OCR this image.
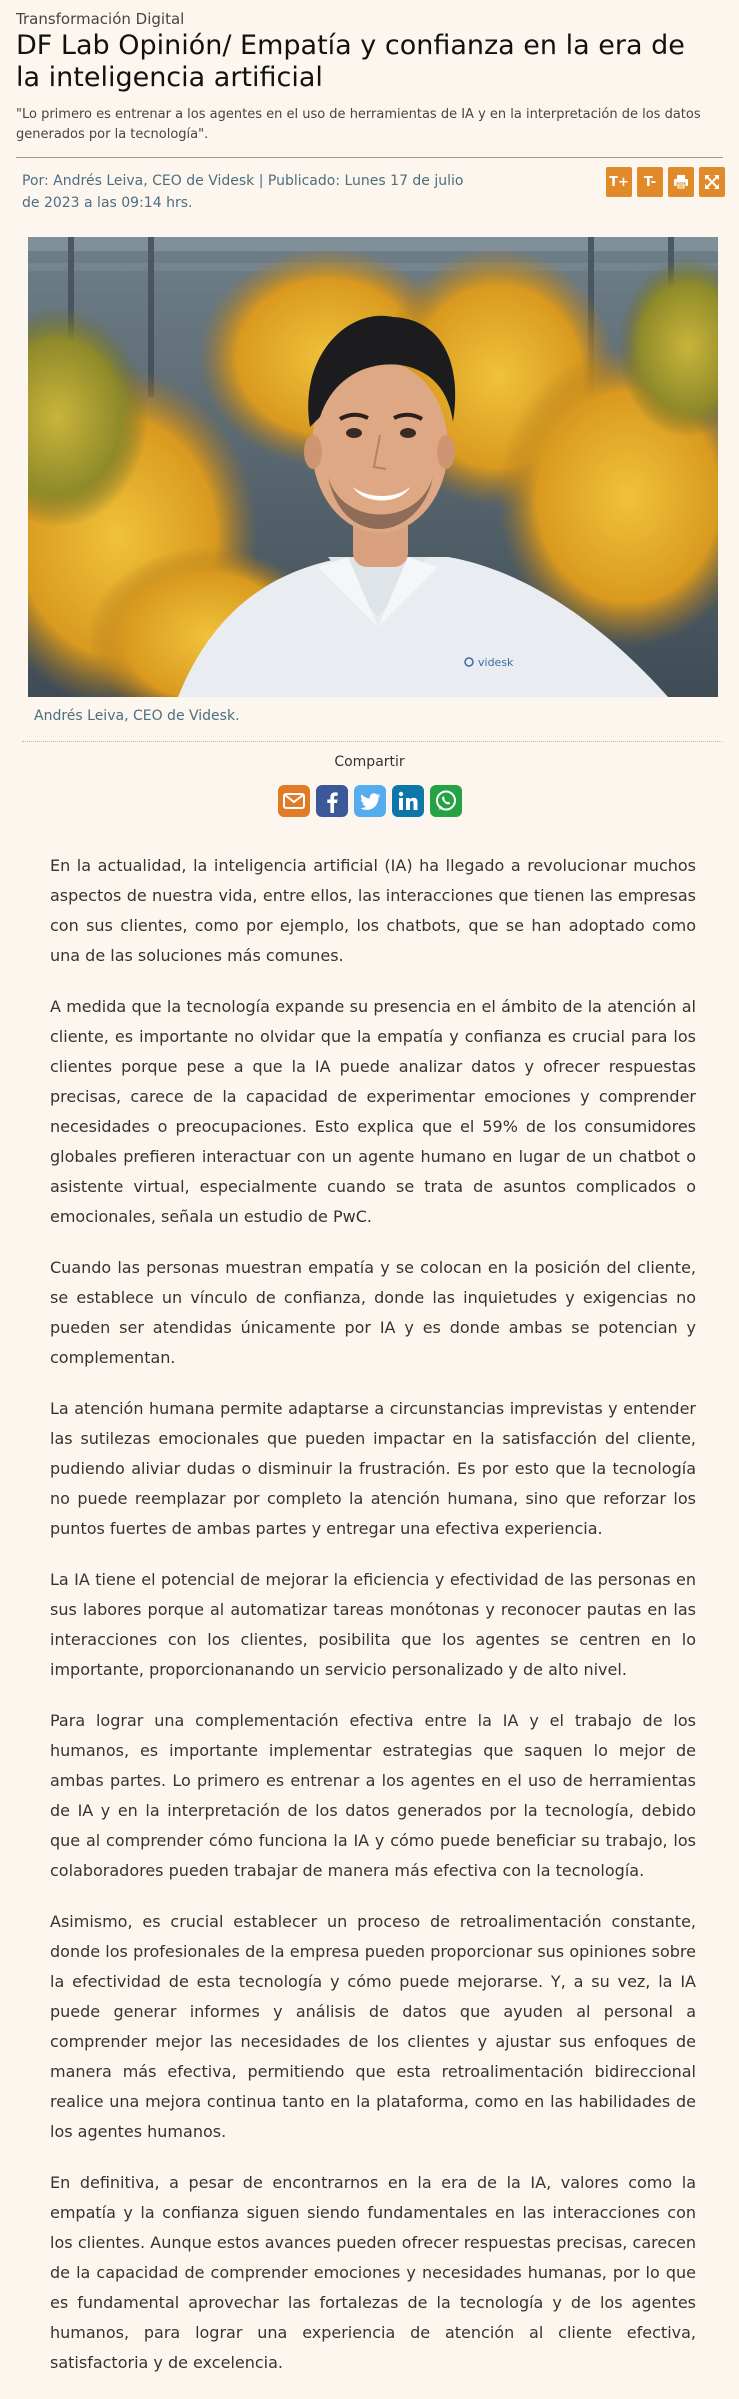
Transformación Digital
DF Lab Opinión/ Empatía y confianza en la era de la inteligencia artificial
"Lo primero es entrenar a los agentes en el uso de herramientas de IA y en la interpretación de los datos generados por la tecnología".
Por: Andrés Leiva, CEO de Videsk | Publicado: Lunes 17 de julio de 2023 a las 09:14 hrs.
T+	T-
videsk
Andrés Leiva, CEO de Videsk.
Compartir

En la actualidad, la inteligencia artificial (IA) ha llegado a revolucionar muchos aspectos de nuestra vida, entre ellos, las interacciones que tienen las empresas con sus clientes, como por ejemplo, los chatbots, que se han adoptado como una de las soluciones más comunes.

A medida que la tecnología expande su presencia en el ámbito de la atención al cliente, es importante no olvidar que la empatía y confianza es crucial para los clientes porque pese a que la IA puede analizar datos y ofrecer respuestas precisas, carece de la capacidad de experimentar emociones y comprender necesidades o preocupaciones. Esto explica que el 59% de los consumidores globales prefieren interactuar con un agente humano en lugar de un chatbot o asistente virtual, especialmente cuando se trata de asuntos complicados o emocionales, señala un estudio de PwC.

Cuando las personas muestran empatía y se colocan en la posición del cliente, se establece un vínculo de confianza, donde las inquietudes y exigencias no pueden ser atendidas únicamente por IA y es donde ambas se potencian y complementan.

La atención humana permite adaptarse a circunstancias imprevistas y entender las sutilezas emocionales que pueden impactar en la satisfacción del cliente, pudiendo aliviar dudas o disminuir la frustración. Es por esto que la tecnología no puede reemplazar por completo la atención humana, sino que reforzar los puntos fuertes de ambas partes y entregar una efectiva experiencia.

La IA tiene el potencial de mejorar la eficiencia y efectividad de las personas en sus labores porque al automatizar tareas monótonas y reconocer pautas en las interacciones con los clientes, posibilita que los agentes se centren en lo importante, proporcionanando un servicio personalizado y de alto nivel.

Para lograr una complementación efectiva entre la IA y el trabajo de los humanos, es importante implementar estrategias que saquen lo mejor de ambas partes. Lo primero es entrenar a los agentes en el uso de herramientas de IA y en la interpretación de los datos generados por la tecnología, debido que al comprender cómo funciona la IA y cómo puede beneficiar su trabajo, los colaboradores pueden trabajar de manera más efectiva con la tecnología.

Asimismo, es crucial establecer un proceso de retroalimentación constante, donde los profesionales de la empresa pueden proporcionar sus opiniones sobre la efectividad de esta tecnología y cómo puede mejorarse. Y, a su vez, la IA puede generar informes y análisis de datos que ayuden al personal a comprender mejor las necesidades de los clientes y ajustar sus enfoques de manera más efectiva, permitiendo que esta retroalimentación bidireccional realice una mejora continua tanto en la plataforma, como en las habilidades de los agentes humanos.

En definitiva, a pesar de encontrarnos en la era de la IA, valores como la empatía y la confianza siguen siendo fundamentales en las interacciones con los clientes. Aunque estos avances pueden ofrecer respuestas precisas, carecen de la capacidad de comprender emociones y necesidades humanas, por lo que es fundamental aprovechar las fortalezas de la tecnología y de los agentes humanos, para lograr una experiencia de atención al cliente efectiva, satisfactoria y de excelencia.
